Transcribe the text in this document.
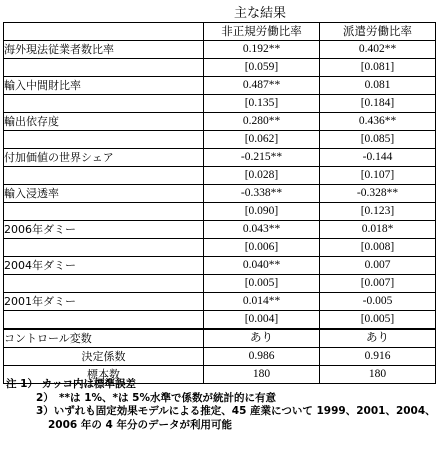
主な結果
	非正規労働比率	派遣労働比率
海外現法従業者数比率	0.192**	0.402**
	[0.059]	[0.081]
輸入中間財比率	0.487**	0.081
	[0.135]	[0.184]
輸出依存度	0.280**	0.436**
	[0.062]	[0.085]
付加価値の世界シェア	-0.215**	-0.144
	[0.028]	[0.107]
輸入浸透率	-0.338**	-0.328**
	[0.090]	[0.123]
2006年ダミー	0.043**	0.018*
	[0.006]	[0.008]
2004年ダミー	0.040**	0.007
	[0.005]	[0.007]
2001年ダミー	0.014**	-0.005
	[0.004]	[0.005]
コントロール変数	あり	あり
決定係数	0.986	0.916
標本数	180	180
注 1） カッコ内は標準誤差
2）　**は 1%、*は 5%水準で係数が統計的に有意
3）いずれも固定効果モデルによる推定、45 産業について 1999、2001、2004、
2006 年の 4 年分のデータが利用可能
